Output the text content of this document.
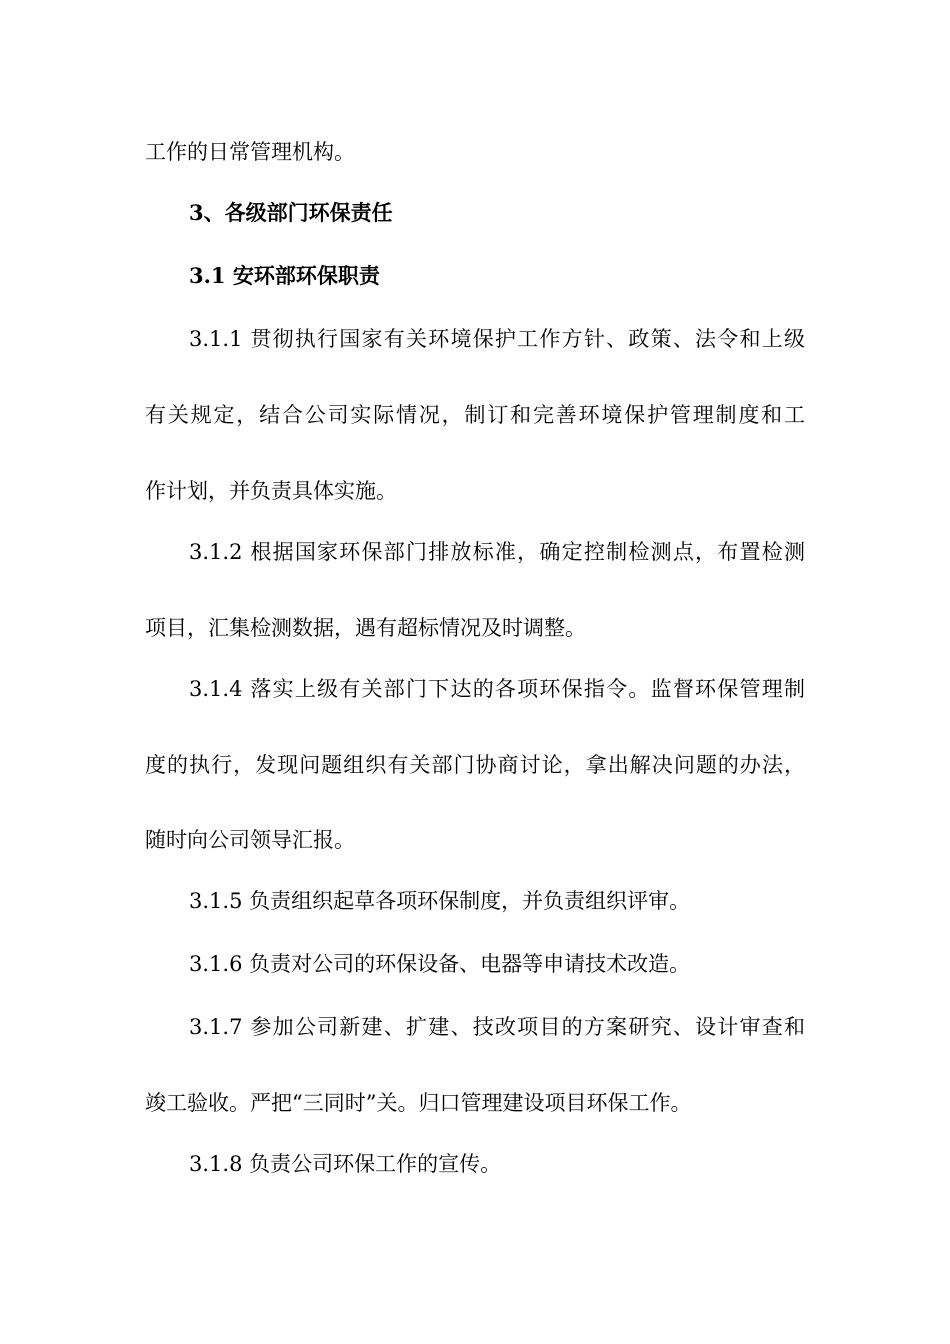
工作的日常管理机构。
3、各级部门环保责任
3.1 安环部环保职责
3.1.1 贯彻执行国家有关环境保护工作方针、政策、法令和上级
有关规定，结合公司实际情况，制订和完善环境保护管理制度和工
作计划，并负责具体实施。
3.1.2 根据国家环保部门排放标准，确定控制检测点，布置检测
项目，汇集检测数据，遇有超标情况及时调整。
3.1.4 落实上级有关部门下达的各项环保指令。监督环保管理制
度的执行，发现问题组织有关部门协商讨论，拿出解决问题的办法，
随时向公司领导汇报。
3.1.5 负责组织起草各项环保制度，并负责组织评审。
3.1.6 负责对公司的环保设备、电器等申请技术改造。
3.1.7 参加公司新建、扩建、技改项目的方案研究、设计审查和
竣工验收。严把“三同时”关。归口管理建设项目环保工作。
3.1.8 负责公司环保工作的宣传。
